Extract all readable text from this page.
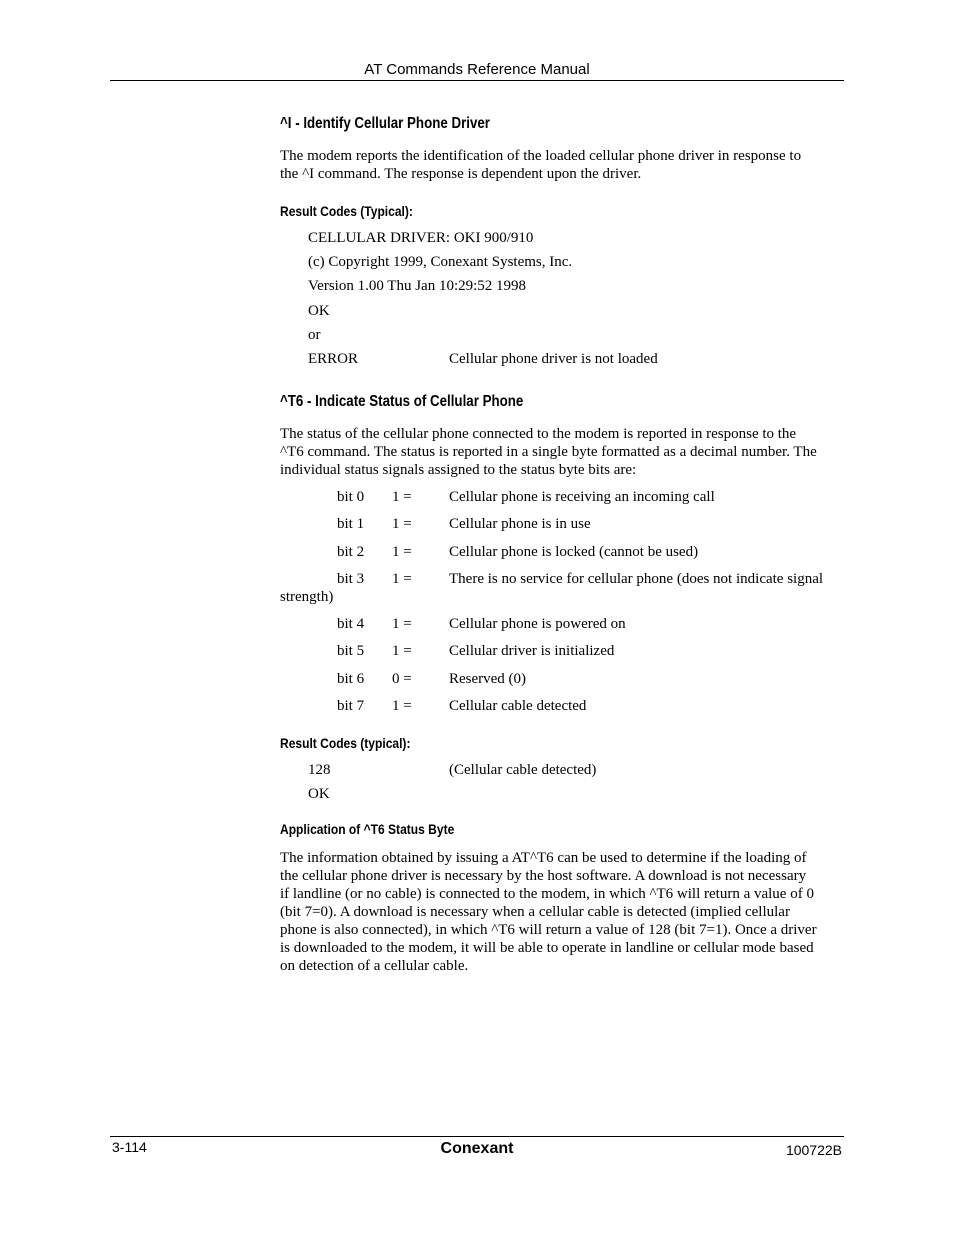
AT Commands Reference Manual
^I - Identify Cellular Phone Driver
The modem reports the identification of the loaded cellular phone driver in response to
the ^I command. The response is dependent upon the driver.
Result Codes (Typical):
CELLULAR DRIVER: OKI 900/910
(c) Copyright 1999, Conexant Systems, Inc.
Version 1.00 Thu Jan 10:29:52 1998
OK
or
ERROR	Cellular phone driver is not loaded
^T6 - Indicate Status of Cellular Phone
The status of the cellular phone connected to the modem is reported in response to the
^T6 command. The status is reported in a single byte formatted as a decimal number. The
individual status signals assigned to the status byte bits are:
bit 0 1 = Cellular phone is receiving an incoming call
bit 1 1 = Cellular phone is in use
bit 2 1 = Cellular phone is locked (cannot be used)
bit 3 1 = There is no service for cellular phone (does not indicate signal
strength)
bit 4 1 = Cellular phone is powered on
bit 5 1 = Cellular driver is initialized
bit 6 0 = Reserved (0)
bit 7 1 = Cellular cable detected
Result Codes (typical):
128	(Cellular cable detected)
OK
Application of ^T6 Status Byte
The information obtained by issuing a AT^T6 can be used to determine if the loading of
the cellular phone driver is necessary by the host software. A download is not necessary
if landline (or no cable) is connected to the modem, in which ^T6 will return a value of 0
(bit 7=0). A download is necessary when a cellular cable is detected (implied cellular
phone is also connected), in which ^T6 will return a value of 128 (bit 7=1). Once a driver
is downloaded to the modem, it will be able to operate in landline or cellular mode based
on detection of a cellular cable.
3-114	Conexant	100722B
